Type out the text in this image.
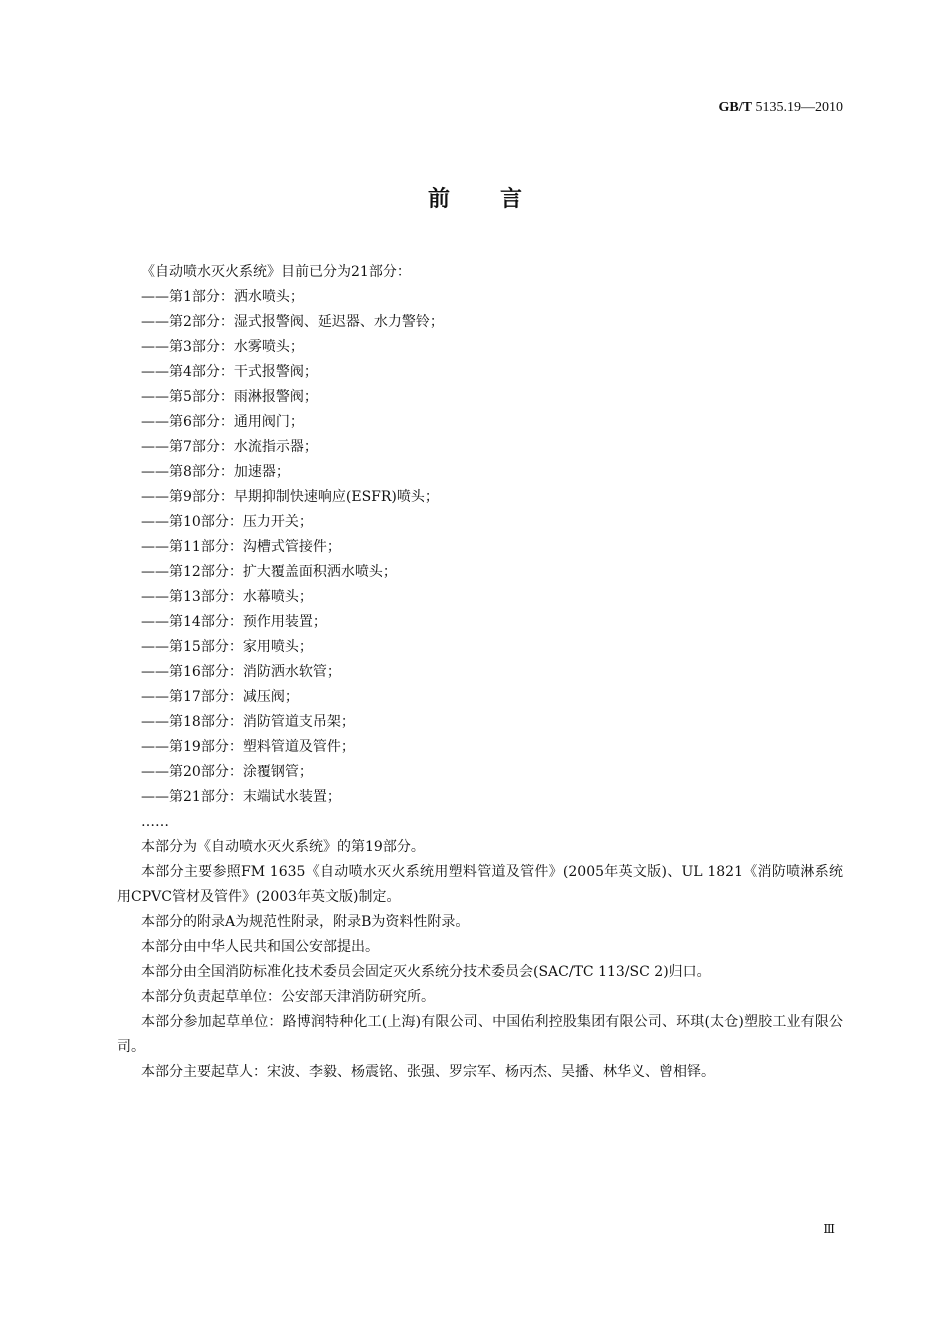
GB/T 5135.19—2010
前言

《自动喷水灭火系统》目前已分为21部分：

——第1部分：洒水喷头；

——第2部分：湿式报警阀、延迟器、水力警铃；

——第3部分：水雾喷头；

——第4部分：干式报警阀；

——第5部分：雨淋报警阀；

——第6部分：通用阀门；

——第7部分：水流指示器；

——第8部分：加速器；

——第9部分：早期抑制快速响应(ESFR)喷头；

——第10部分：压力开关；

——第11部分：沟槽式管接件；

——第12部分：扩大覆盖面积洒水喷头；

——第13部分：水幕喷头；

——第14部分：预作用装置；

——第15部分：家用喷头；

——第16部分：消防洒水软管；

——第17部分：减压阀；

——第18部分：消防管道支吊架；

——第19部分：塑料管道及管件；

——第20部分：涂覆钢管；

——第21部分：末端试水装置；

……

本部分为《自动喷水灭火系统》的第19部分。

本部分主要参照FM 1635《自动喷水灭火系统用塑料管道及管件》(2005年英文版)、UL 1821《消防喷淋系统用CPVC管材及管件》(2003年英文版)制定。

本部分的附录A为规范性附录，附录B为资料性附录。

本部分由中华人民共和国公安部提出。

本部分由全国消防标准化技术委员会固定灭火系统分技术委员会(SAC/TC 113/SC 2)归口。

本部分负责起草单位：公安部天津消防研究所。

本部分参加起草单位：路博润特种化工(上海)有限公司、中国佑利控股集团有限公司、环琪(太仓)塑胶工业有限公司。

本部分主要起草人：宋波、李毅、杨震铭、张强、罗宗军、杨丙杰、吴播、林华义、曾相铎。

Ⅲ
